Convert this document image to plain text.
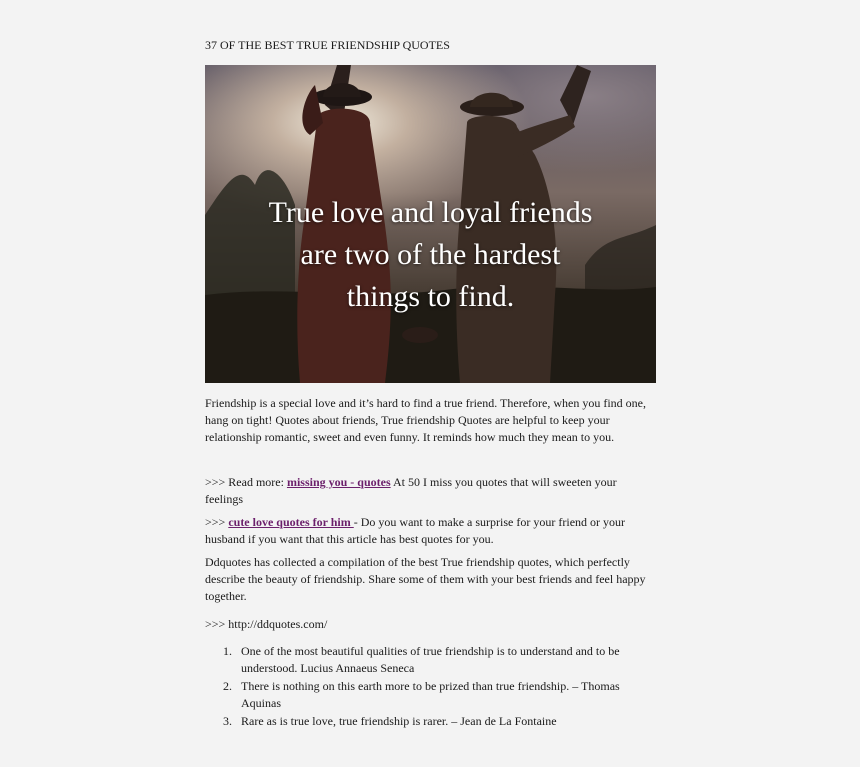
37 OF THE BEST TRUE FRIENDSHIP QUOTES
True love and loyal friends
are two of the hardest
things to find.
Friendship is a special love and it’s hard to find a true friend. Therefore, when you find one, hang on tight! Quotes about friends, True friendship Quotes are helpful to keep your relationship romantic, sweet and even funny. It reminds how much they mean to you.
>>> Read more: missing you - quotes At 50 I miss you quotes that will sweeten your feelings
>>> cute love quotes for him - Do you want to make a surprise for your friend or your husband if you want that this article has best quotes for you.
Ddquotes has collected a compilation of the best True friendship quotes, which perfectly describe the beauty of friendship. Share some of them with your best friends and feel happy together.
>>> http://ddquotes.com/
1. One of the most beautiful qualities of true friendship is to understand and to be understood. Lucius Annaeus Seneca
2. There is nothing on this earth more to be prized than true friendship. – Thomas Aquinas
3. Rare as is true love, true friendship is rarer. – Jean de La Fontaine
